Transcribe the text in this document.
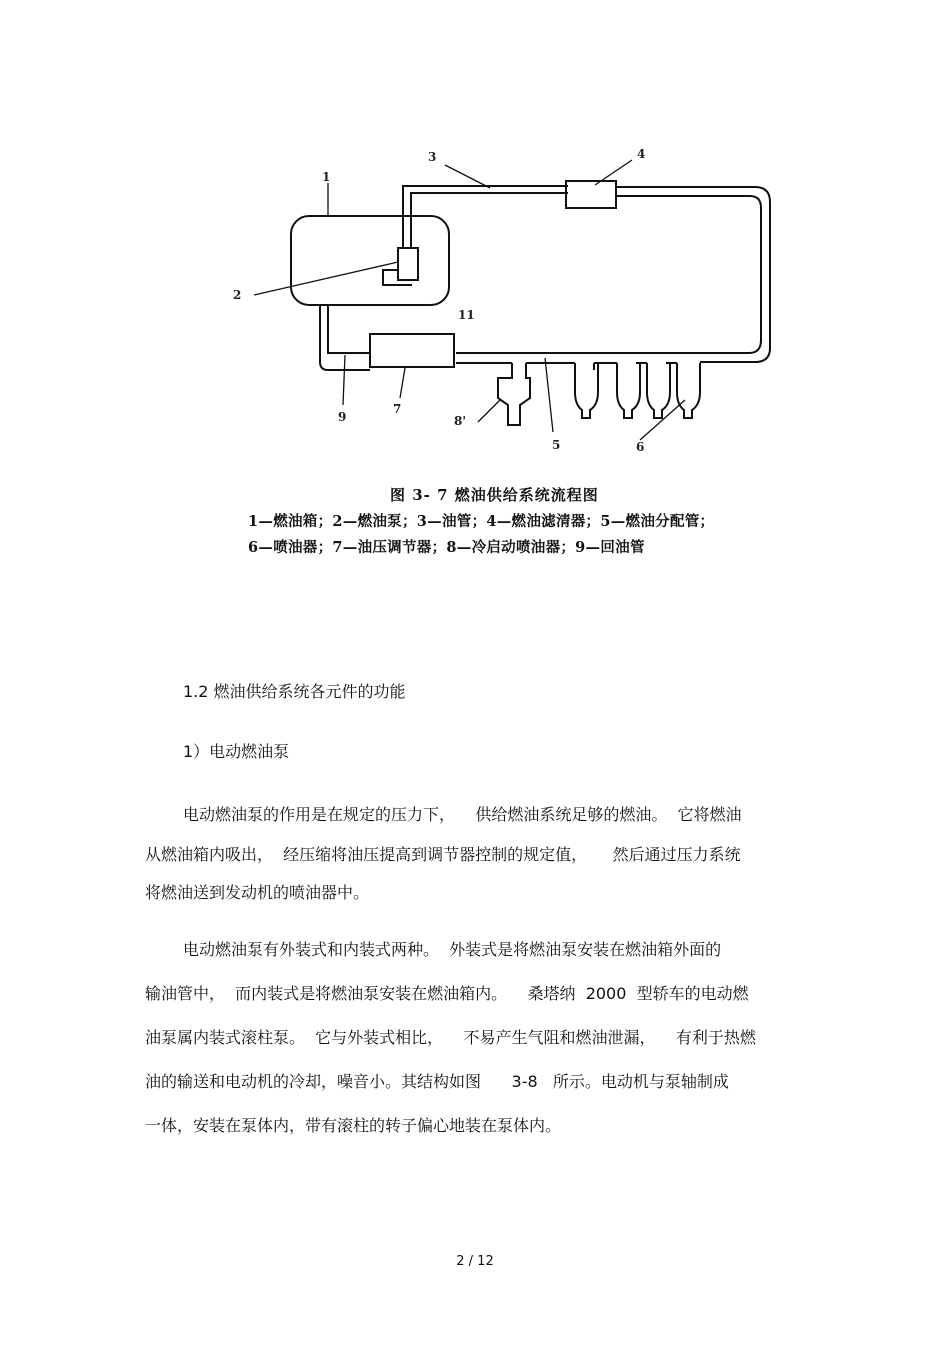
1
2
3	4
5	6
7
8'
9
11
图 3- 7 燃油供给系统流程图
1—燃油箱；2—燃油泵；3—油管；4—燃油滤清器；5—燃油分配管；
6—喷油器；7—油压调节器；8—冷启动喷油器；9—回油管
1.2 燃油供给系统各元件的功能
1）电动燃油泵
电动燃油泵的作用是在规定的压力下，    供给燃油系统足够的燃油。  它将燃油
从燃油箱内吸出，  经压缩将油压提高到调节器控制的规定值，     然后通过压力系统
将燃油送到发动机的喷油器中。
电动燃油泵有外装式和内装式两种。  外装式是将燃油泵安装在燃油箱外面的
输油管中，  而内装式是将燃油泵安装在燃油箱内。    桑塔纳  2000  型轿车的电动燃
油泵属内装式滚柱泵。  它与外装式相比，    不易产生气阻和燃油泄漏，    有利于热燃
油的输送和电动机的冷却，噪音小。其结构如图      3-8   所示。电动机与泵轴制成
一体，安装在泵体内，带有滚柱的转子偏心地装在泵体内。
2 / 12
